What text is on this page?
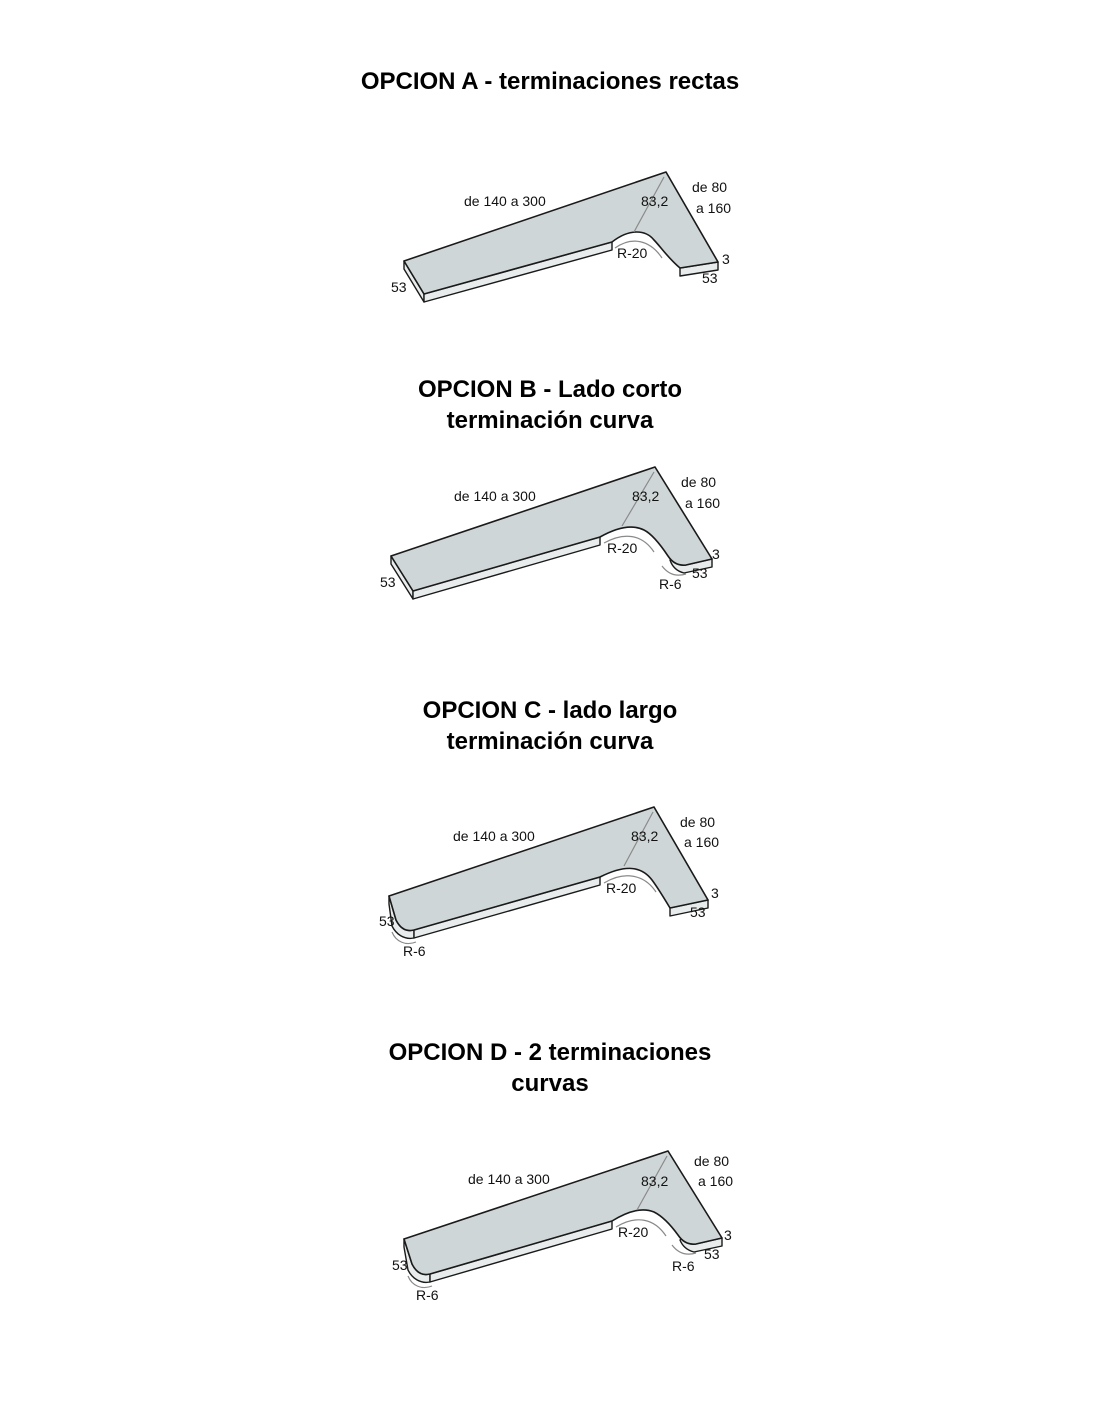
OPCION A - terminaciones rectas
de 140 a 300	83,2
de 80
a 160
R-20	3
53
53
OPCION B - Lado corto
terminación curva
de 140 a 300	83,2
de 80
a 160
R-20	3
53
53	R-6
OPCION C - lado largo
terminación curva
de 140 a 300	83,2
de 80
a 160
R-20	3
53
53
R-6
OPCION D - 2 terminaciones
curvas
de 140 a 300	83,2
de 80
a 160
R-20	3
53
53	R-6
R-6
